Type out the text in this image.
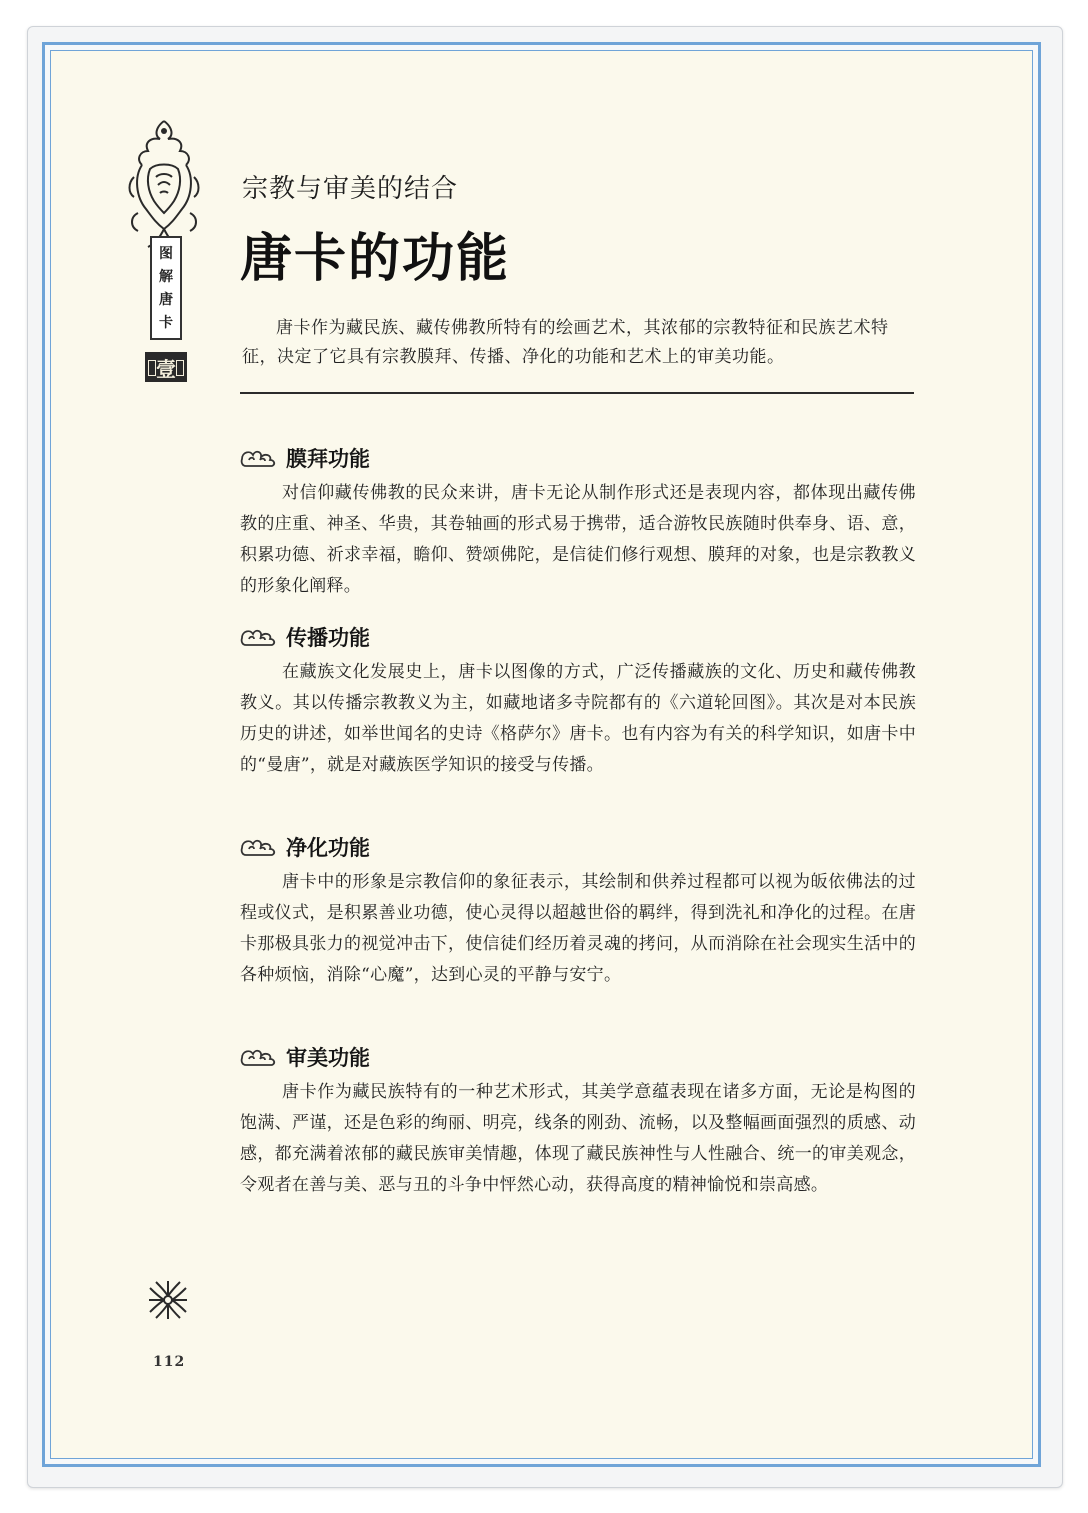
图
解
唐
卡
壹
宗教与审美的结合
唐卡的功能
唐卡作为藏民族、藏传佛教所特有的绘画艺术，其浓郁的宗教特征和民族艺术特征，决定了它具有宗教膜拜、传播、净化的功能和艺术上的审美功能。
膜拜功能
对信仰藏传佛教的民众来讲，唐卡无论从制作形式还是表现内容，都体现出藏传佛教的庄重、神圣、华贵，其卷轴画的形式易于携带，适合游牧民族随时供奉身、语、意，积累功德、祈求幸福，瞻仰、赞颂佛陀，是信徒们修行观想、膜拜的对象，也是宗教教义的形象化阐释。
传播功能
在藏族文化发展史上，唐卡以图像的方式，广泛传播藏族的文化、历史和藏传佛教教义。其以传播宗教教义为主，如藏地诸多寺院都有的《六道轮回图》。其次是对本民族历史的讲述，如举世闻名的史诗《格萨尔》唐卡。也有内容为有关的科学知识，如唐卡中的“曼唐”，就是对藏族医学知识的接受与传播。
净化功能
唐卡中的形象是宗教信仰的象征表示，其绘制和供养过程都可以视为皈依佛法的过程或仪式，是积累善业功德，使心灵得以超越世俗的羁绊，得到洗礼和净化的过程。在唐卡那极具张力的视觉冲击下，使信徒们经历着灵魂的拷问，从而消除在社会现实生活中的各种烦恼，消除“心魔”，达到心灵的平静与安宁。
审美功能
唐卡作为藏民族特有的一种艺术形式，其美学意蕴表现在诸多方面，无论是构图的饱满、严谨，还是色彩的绚丽、明亮，线条的刚劲、流畅，以及整幅画面强烈的质感、动感，都充满着浓郁的藏民族审美情趣，体现了藏民族神性与人性融合、统一的审美观念，令观者在善与美、恶与丑的斗争中怦然心动，获得高度的精神愉悦和崇高感。
112
